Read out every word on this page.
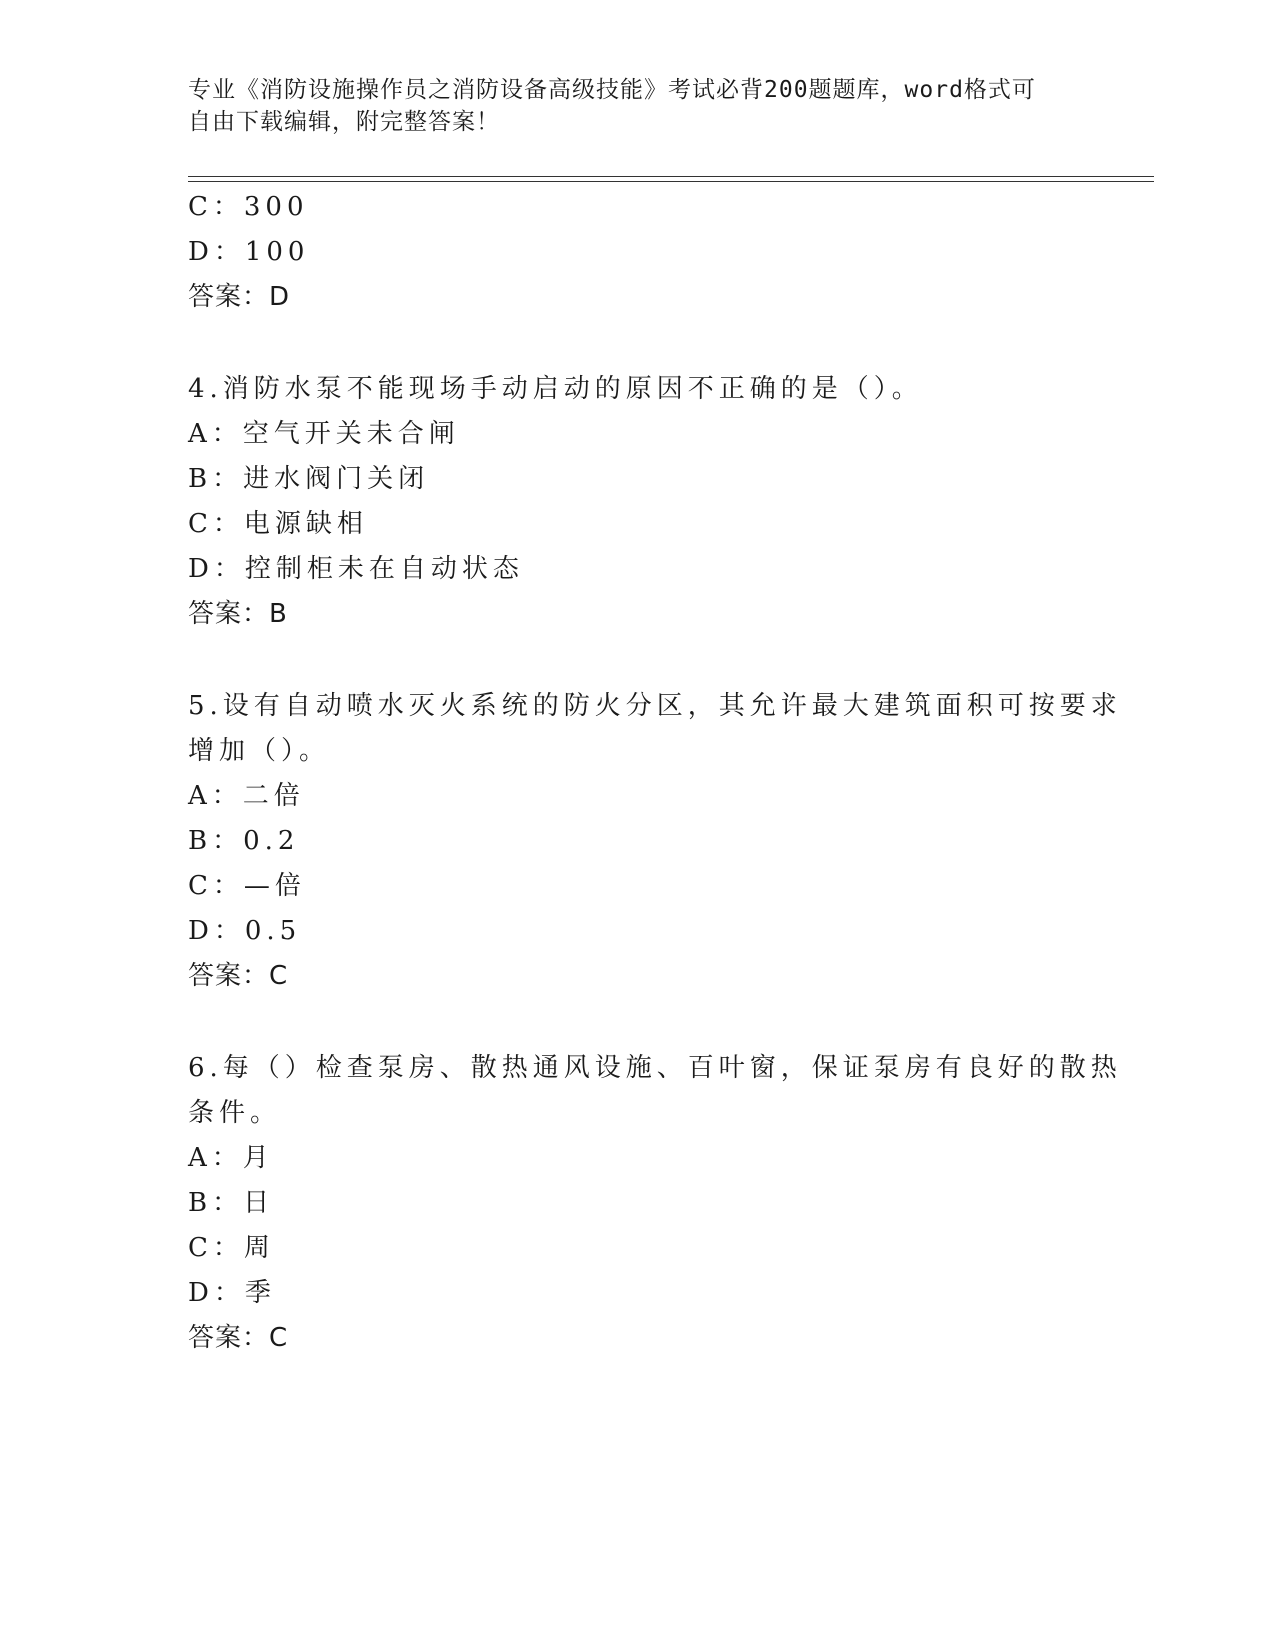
专业《消防设施操作员之消防设备高级技能》考试必背200题题库，word格式可
自由下载编辑，附完整答案！
C：300
D：100
答案：D
4.消防水泵不能现场手动启动的原因不正确的是（）。
A：空气开关未合闸
B：进水阀门关闭
C：电源缺相
D：控制柜未在自动状态
答案：B
5.设有自动喷水灭火系统的防火分区，其允许最大建筑面积可按要求
增加（）。
A：二倍
B：0.2
C：—倍
D：0.5
答案：C
6.每（）检查泵房、散热通风设施、百叶窗，保证泵房有良好的散热
条件。
A：月
B：日
C：周
D：季
答案：C
